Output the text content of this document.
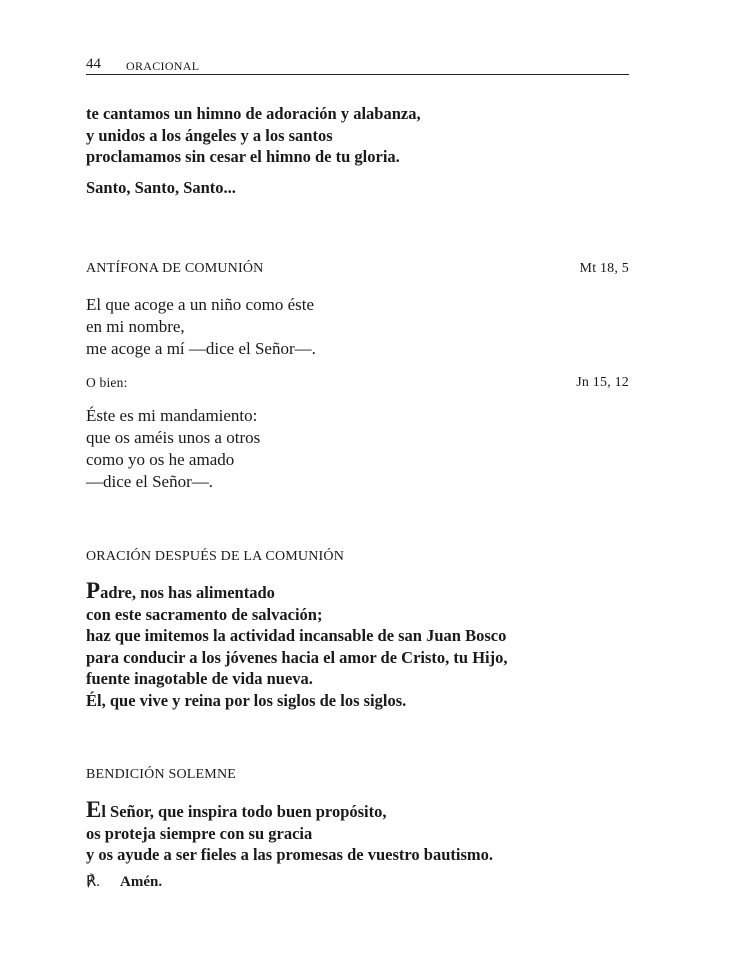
44 ORACIONAL
te cantamos un himno de adoración y alabanza,
y unidos a los ángeles y a los santos
proclamamos sin cesar el himno de tu gloria.
Santo, Santo, Santo...
ANTÍFONA DE COMUNIÓN	Mt 18, 5
El que acoge a un niño como éste
en mi nombre,
me acoge a mí —dice el Señor—.
O bien:	Jn 15, 12
Éste es mi mandamiento:
que os améis unos a otros
como yo os he amado
—dice el Señor—.
ORACIÓN DESPUÉS DE LA COMUNIÓN
Padre, nos has alimentado
con este sacramento de salvación;
haz que imitemos la actividad incansable de san Juan Bosco
para conducir a los jóvenes hacia el amor de Cristo, tu Hijo,
fuente inagotable de vida nueva.
Él, que vive y reina por los siglos de los siglos.
BENDICIÓN SOLEMNE
El Señor, que inspira todo buen propósito,
os proteja siempre con su gracia
y os ayude a ser fieles a las promesas de vuestro bautismo.
℟. Amén.
